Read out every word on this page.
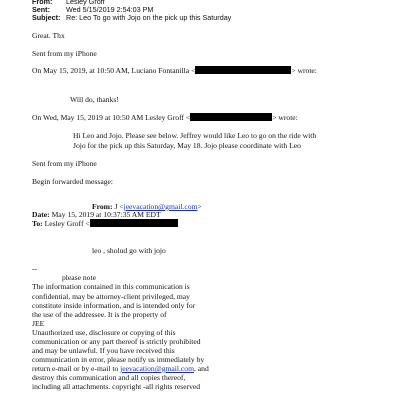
From: Lesley Groff
Sent: Wed 5/15/2019 2:54:03 PM
Subject: Re: Leo To go with Jojo on the pick up this Saturday
Great. Thx
Sent from my iPhone
On May 15, 2019, at 10:50 AM, Luciano Fontanilla <	> wrote:
Will do, thanks!
On Wed, May 15, 2019 at 10:50 AM Lesley Groff <	> wrote:
Hi Leo and Jojo. Please see below. Jeffrey would like Leo to go on the ride with
Jojo for the pick up this Saturday, May 18. Jojo please coordinate with Leo
Sent from my iPhone
Begin forwarded message:
From: J <jeevacation@gmail.com>
Date: May 15, 2019 at 10:37:35 AM EDT
To: Lesley Groff <
leo , sholud go with jojo
--
please note
The information contained in this communication is
confidential, may be attorney-client privileged, may
constitute inside information, and is intended only for
the use of the addressee. It is the property of
JEE
Unauthorized use, disclosure or copying of this
communication or any part thereof is strictly prohibited
and may be unlawful. If you have received this
communication in error, please notify us immediately by
return e-mail or by e-mail to jeevacation@gmail.com, and
destroy this communication and all copies thereof,
including all attachments. copyright -all rights reserved
